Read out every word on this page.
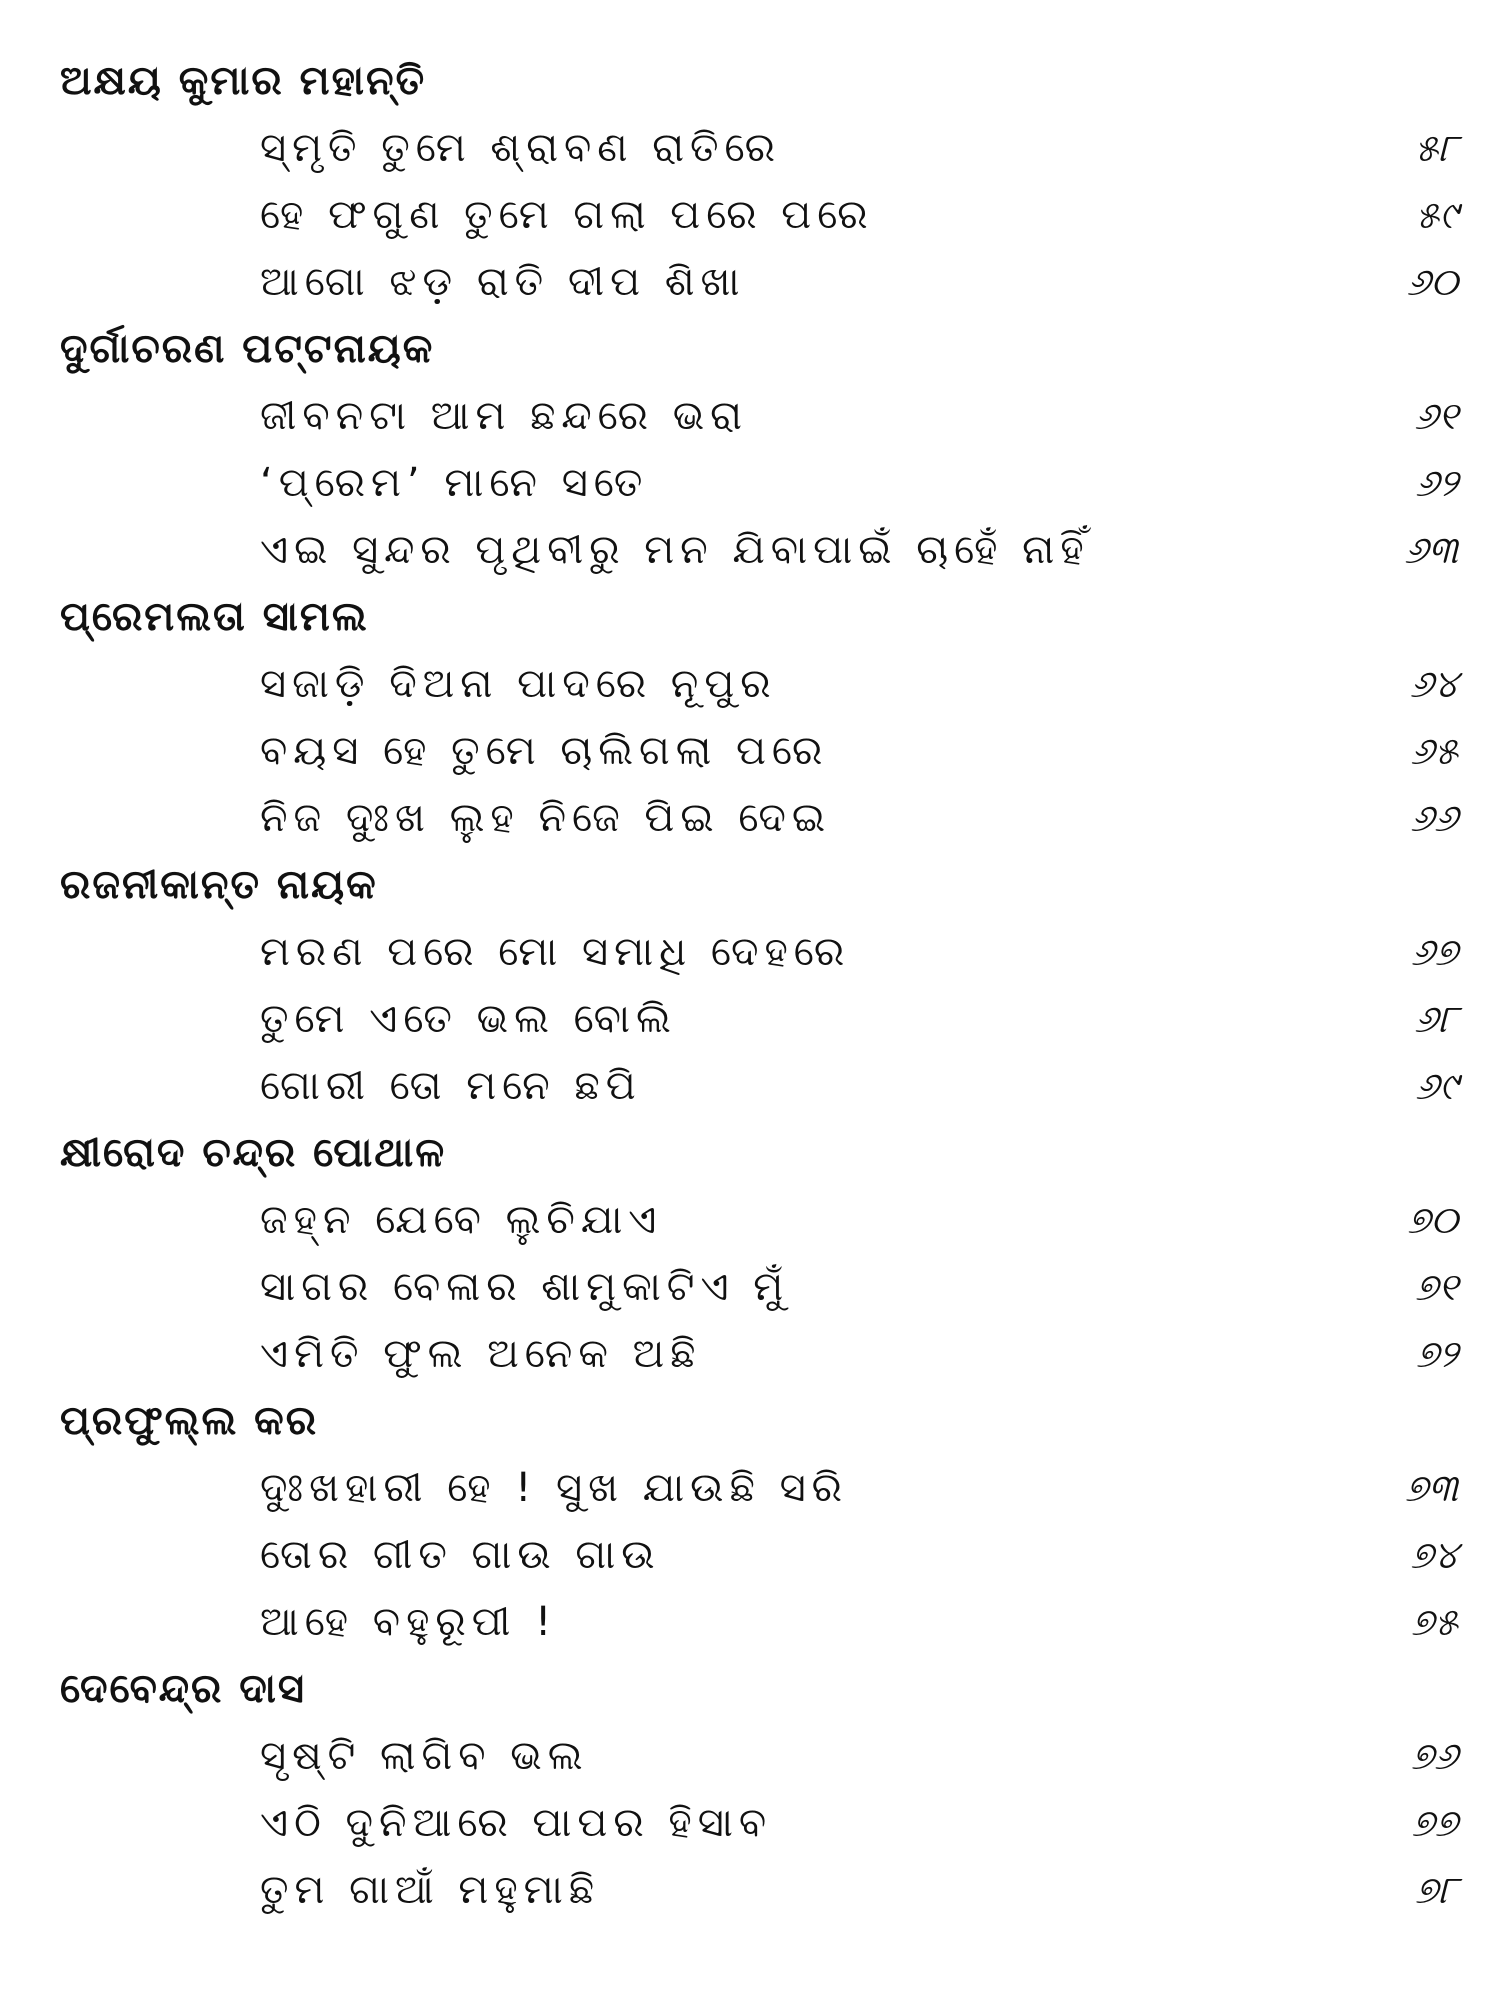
ଅକ୍ଷୟ କୁମାର ମହାନ୍ତି
ସ୍ମୃତି ତୁମେ ଶ୍ରାବଣ ରାତିରେ	୫୮
ହେ ଫଗୁଣ ତୁମେ ଗଲା ପରେ ପରେ	୫୯
ଆଗୋ ଝଡ଼ ରାତି ଦୀପ ଶିଖା	୬୦
ଦୁର୍ଗାଚରଣ ପଟ୍ଟନାୟକ
ଜୀବନଟା ଆମ ଛନ୍ଦରେ ଭରା	୬୧
‘ପ୍ରେମ’ ମାନେ ସତେ	୬୨
ଏଇ ସୁନ୍ଦର ପୃଥିବୀରୁ ମନ ଯିବାପାଇଁ ଚାହେଁ ନାହିଁ	୬୩
ପ୍ରେମଲତା ସାମଲ
ସଜାଡ଼ି ଦିଅନା ପାଦରେ ନୂପୁର	୬୪
ବୟସ ହେ ତୁମେ ଚାଲିଗଲା ପରେ	୬୫
ନିଜ ଦୁଃଖ ଲୁହ ନିଜେ ପିଇ ଦେଇ	୬୬
ରଜନୀକାନ୍ତ ନାୟକ
ମରଣ ପରେ ମୋ ସମାଧି ଦେହରେ	୬୭
ତୁମେ ଏତେ ଭଲ ବୋଲି	୬୮
ଗୋରୀ ତୋ ମନେ ଛପି	୬୯
କ୍ଷୀରୋଦ ଚନ୍ଦ୍ର ପୋଥାଳ
ଜହ୍ନ ଯେବେ ଲୁଚିଯାଏ	୭୦
ସାଗର ବେଳାର ଶାମୁକାଟିଏ ମୁଁ	୭୧
ଏମିତି ଫୁଲ ଅନେକ ଅଛି	୭୨
ପ୍ରଫୁଲ୍ଲ କର
ଦୁଃଖହାରୀ ହେ ! ସୁଖ ଯାଉଛି ସରି	୭୩
ତୋର ଗୀତ ଗାଉ ଗାଉ	୭୪
ଆହେ ବହୁରୂପୀ !	୭୫
ଦେବେନ୍ଦ୍ର ଦାସ
ସୃଷ୍ଟି ଲାଗିବ ଭଲ	୭୬
ଏଠି ଦୁନିଆରେ ପାପର ହିସାବ	୭୭
ତୁମ ଗାଆଁ ମହୁମାଛି	୭୮
